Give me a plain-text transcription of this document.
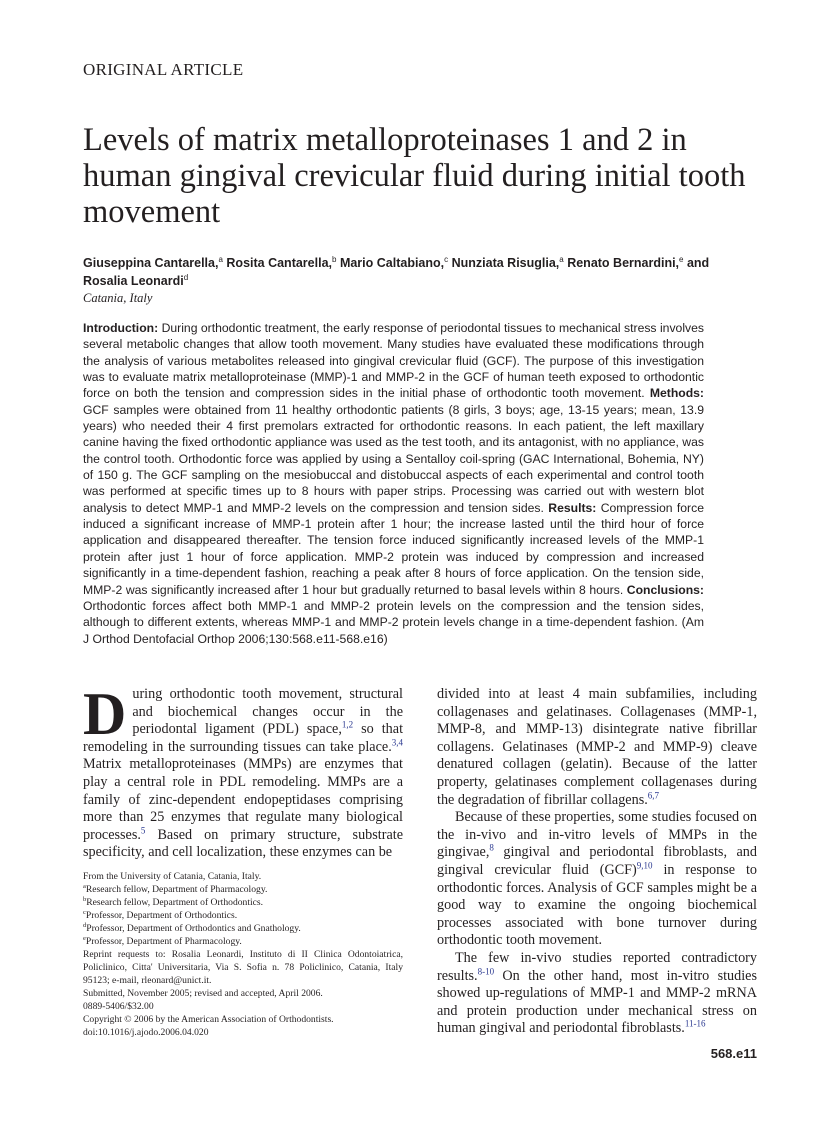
ORIGINAL ARTICLE
Levels of matrix metalloproteinases 1 and 2 in human gingival crevicular fluid during initial tooth movement
Giuseppina Cantarella,$^a$ Rosita Cantarella,$^b$ Mario Caltabiano,$^c$ Nunziata Risuglia,$^a$ Renato Bernardini,$^e$ and Rosalia Leonardi$^d$
Catania, Italy

Introduction: During orthodontic treatment, the early response of periodontal tissues to mechanical stress involves several metabolic changes that allow tooth movement. Many studies have evaluated these modifications through the analysis of various metabolites released into gingival crevicular fluid (GCF). The purpose of this investigation was to evaluate matrix metalloproteinase (MMP)-1 and MMP-2 in the GCF of human teeth exposed to orthodontic force on both the tension and compression sides in the initial phase of orthodontic tooth movement. Methods: GCF samples were obtained from 11 healthy orthodontic patients (8 girls, 3 boys; age, 13-15 years; mean, 13.9 years) who needed their 4 first premolars extracted for orthodontic reasons. In each patient, the left maxillary canine having the fixed orthodontic appliance was used as the test tooth, and its antagonist, with no appliance, was the control tooth. Orthodontic force was applied by using a Sentalloy coil-spring (GAC International, Bohemia, NY) of 150 g. The GCF sampling on the mesiobuccal and distobuccal aspects of each experimental and control tooth was performed at specific times up to 8 hours with paper strips. Processing was carried out with western blot analysis to detect MMP-1 and MMP-2 levels on the compression and tension sides. Results: Compression force induced a significant increase of MMP-1 protein after 1 hour; the increase lasted until the third hour of force application and disappeared thereafter. The tension force induced significantly increased levels of the MMP-1 protein after just 1 hour of force application. MMP-2 protein was induced by compression and increased significantly in a time-dependent fashion, reaching a peak after 8 hours of force application. On the tension side, MMP-2 was significantly increased after 1 hour but gradually returned to basal levels within 8 hours. Conclusions: Orthodontic forces affect both MMP-1 and MMP-2 protein levels on the compression and the tension sides, although to different extents, whereas MMP-1 and MMP-2 protein levels change in a time-dependent fashion. (Am J Orthod Dentofacial Orthop 2006;130:568.e11-568.e16)

During orthodontic tooth movement, structural and biochemical changes occur in the periodontal ligament (PDL) space,$^{1,2}$ so that remodeling in the surrounding tissues can take place.$^{3,4}$ Matrix metalloproteinases (MMPs) are enzymes that play a central role in PDL remodeling. MMPs are a family of zinc-dependent endopeptidases comprising more than 25 enzymes that regulate many biological processes.$^5$ Based on primary structure, substrate specificity, and cell localization, these enzymes can be

From the University of Catania, Catania, Italy.
$^a$Research fellow, Department of Pharmacology.
$^b$Research fellow, Department of Orthodontics.
$^c$Professor, Department of Orthodontics.
$^d$Professor, Department of Orthodontics and Gnathology.
$^e$Professor, Department of Pharmacology.
Reprint requests to: Rosalia Leonardi, Instituto di II Clinica Odontoiatrica, Policlinico, Citta' Universitaria, Via S. Sofia n. 78 Policlinico, Catania, Italy 95123; e-mail, rleonard@unict.it.
Submitted, November 2005; revised and accepted, April 2006.
0889-5406/$32.00
Copyright © 2006 by the American Association of Orthodontists.
doi:10.1016/j.ajodo.2006.04.020

divided into at least 4 main subfamilies, including collagenases and gelatinases. Collagenases (MMP-1, MMP-8, and MMP-13) disintegrate native fibrillar collagens. Gelatinases (MMP-2 and MMP-9) cleave denatured collagen (gelatin). Because of the latter property, gelatinases complement collagenases during the degradation of fibrillar collagens.$^{6,7}$

Because of these properties, some studies focused on the in-vivo and in-vitro levels of MMPs in the gingivae,$^8$ gingival and periodontal fibroblasts, and gingival crevicular fluid (GCF)$^{9,10}$ in response to orthodontic forces. Analysis of GCF samples might be a good way to examine the ongoing biochemical processes associated with bone turnover during orthodontic tooth movement.

The few in-vivo studies reported contradictory results.$^{8-10}$ On the other hand, most in-vitro studies showed up-regulations of MMP-1 and MMP-2 mRNA and protein production under mechanical stress on human gingival and periodontal fibroblasts.$^{11-16}$

568.e11
